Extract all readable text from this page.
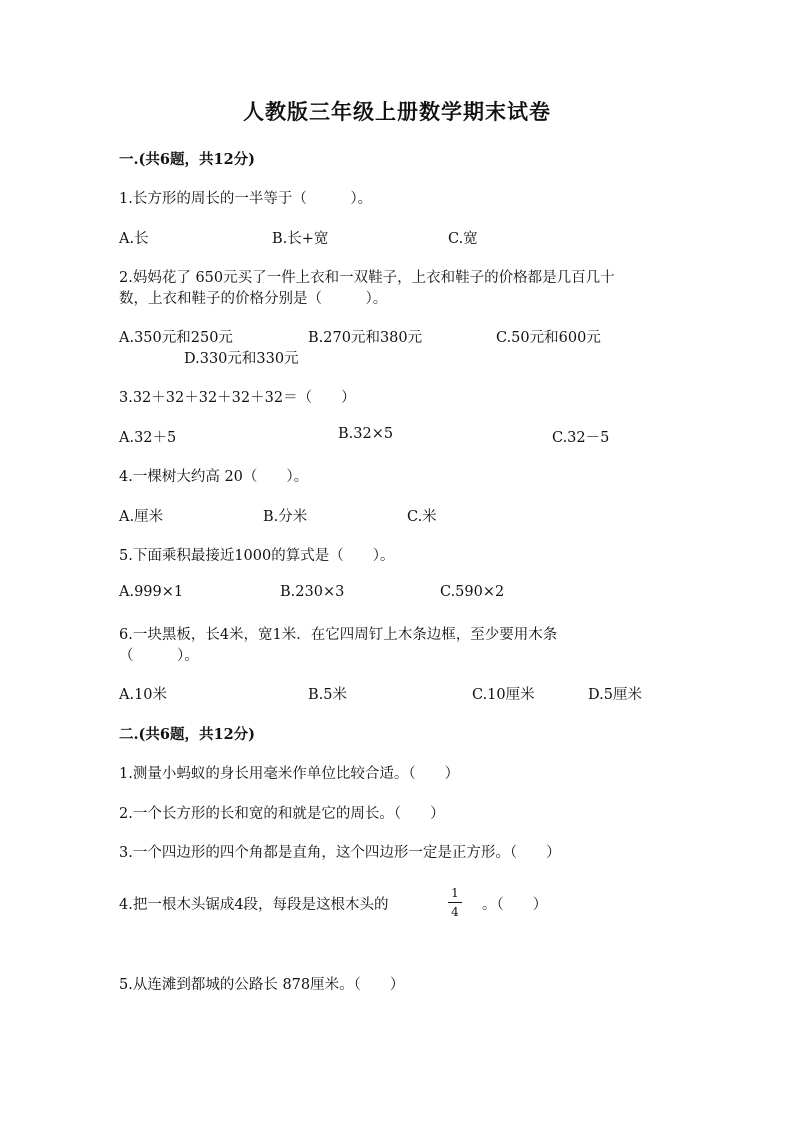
人教版三年级上册数学期末试卷
一.(共6题，共12分)
1.长方形的周长的一半等于（　　　）。
A.长	B.长+宽	C.宽
2.妈妈花了 650元买了一件上衣和一双鞋子，上衣和鞋子的价格都是几百几十
数，上衣和鞋子的价格分别是（　　　）。
A.350元和250元	B.270元和380元	C.50元和600元
D.330元和330元
3.32＋32＋32＋32＋32＝（　　）
A.32＋5	B.32×5	C.32－5
4.一棵树大约高 20（　　）。
A.厘米	B.分米	C.米
5.下面乘积最接近1000的算式是（　　）。
A.999×1	B.230×3	C.590×2
6.一块黑板，长4米，宽1米．在它四周钉上木条边框，至少要用木条
（　　　）。
A.10米	B.5米	C.10厘米	D.5厘米
二.(共6题，共12分)
1.测量小蚂蚁的身长用毫米作单位比较合适。（　　）
2.一个长方形的长和宽的和就是它的周长。（　　）
3.一个四边形的四个角都是直角，这个四边形一定是正方形。（　　）
4.把一根木头锯成4段，每段是这根木头的
1
4 。（　　）
5.从连滩到都城的公路长 878厘米。（　　）
